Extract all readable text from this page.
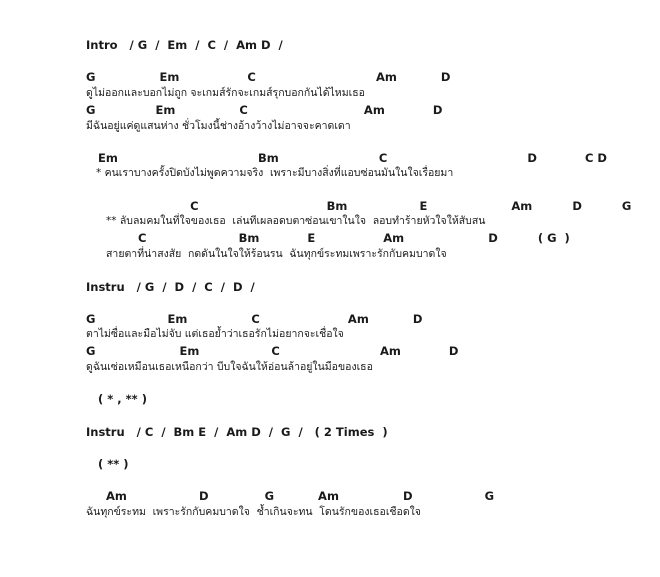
Intro   / G  /  Em  /  C  /  Am D  /
G                Em                 C                              Am           D
ดูไม่ออกและบอกไม่ถูก จะเกมส์รักจะเกมส์รุกบอกกันได้ไหมเธอ
G               Em                C                             Am            D
มีฉันอยู่แค่ดูแสนห่าง ชั่วโมงนี้ช่างอ้างว้างไม่อาจจะคาดเดา
Em                                   Bm                         C                                   D            C D
* คนเราบางครั้งปิดบังไม่พูดความจริง  เพราะมีบางสิ่งที่แอบซ่อนมันในใจเรื่อยมา
C                                Bm                  E                     Am          D          G
** ลับลมคมในที่ใจของเธอ  เล่นทีเผลอดบตาซ่อนเขาในใจ  ลอบทำร้ายหัวใจให้สับสน
C                       Bm            E                 Am                     D          ( G  )
สายตาที่น่าสงสัย  กดดันในใจให้ร้อนรน  ฉันทุกข์ระทมเพราะรักกับคมบาดใจ
Instru   / G  /  D  /  C  /  D  /
G                  Em                C                      Am           D
ตาไม่ซื่อและมือไม่จับ แต่เธอย้ำว่าเธอรักไม่อยากจะเชื่อใจ
G                     Em                  C                         Am            D
ดูฉันเซ่อเหมือนเธอเหนือกว่า บีบใจฉันให้อ่อนล้าอยู่ในมือของเธอ
( * , ** )
Instru   / C  /  Bm E  /  Am D  /  G  /   ( 2 Times  )
( ** )
Am                  D              G           Am                D                  G
ฉันทุกข์ระทม  เพราะรักกับคมบาดใจ  ช้ำเกินจะทน  โดนรักของเธอเชือดใจ
